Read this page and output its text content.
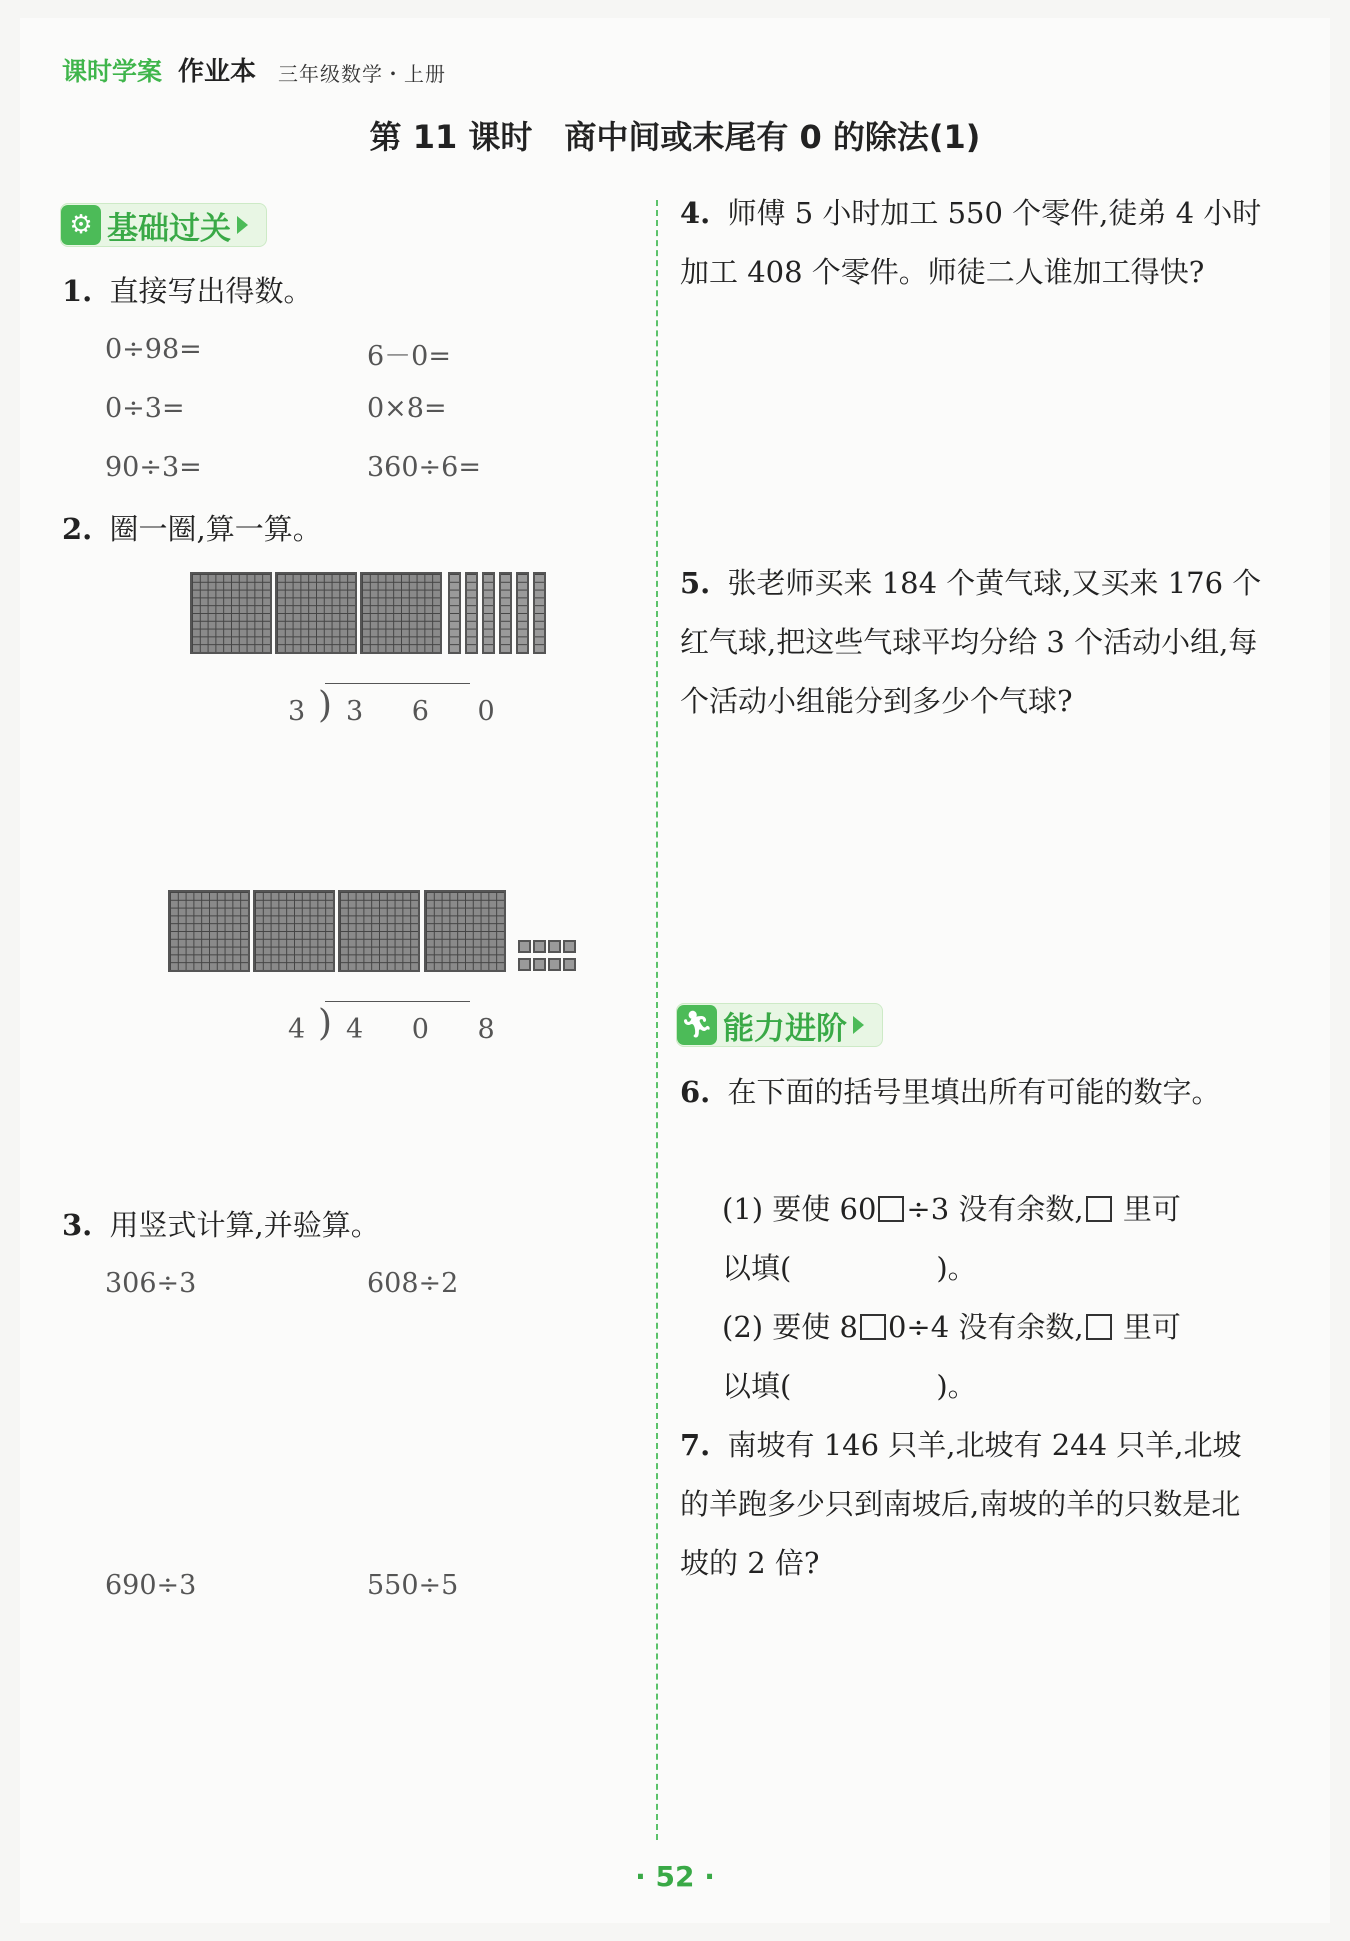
课时学案 作业本 三年级数学・上册
第 11 课时　商中间或末尾有 0 的除法(1)
⚙ 基础过关
1. 直接写出得数。
0÷98=	6－0=
0÷3=	0×8=
90÷3=	360÷6=
2. 圈一圈,算一算。
3 ) 3 6 0
4 ) 4 0 8
3. 用竖式计算,并验算。
306÷3	608÷2
690÷3	550÷5
4. 师傅 5 小时加工 550 个零件,徒弟 4 小时加工 408 个零件。师徒二人谁加工得快?
5. 张老师买来 184 个黄气球,又买来 176 个红气球,把这些气球平均分给 3 个活动小组,每个活动小组能分到多少个气球?
🏃︎ 能力进阶
6. 在下面的括号里填出所有可能的数字。
(1) 要使 60 ÷3 没有余数, 里可
以填(　　　　　)。
(2) 要使 8 0÷4 没有余数, 里可
以填(　　　　　)。
7. 南坡有 146 只羊,北坡有 244 只羊,北坡的羊跑多少只到南坡后,南坡的羊的只数是北坡的 2 倍?
· 52 ·
